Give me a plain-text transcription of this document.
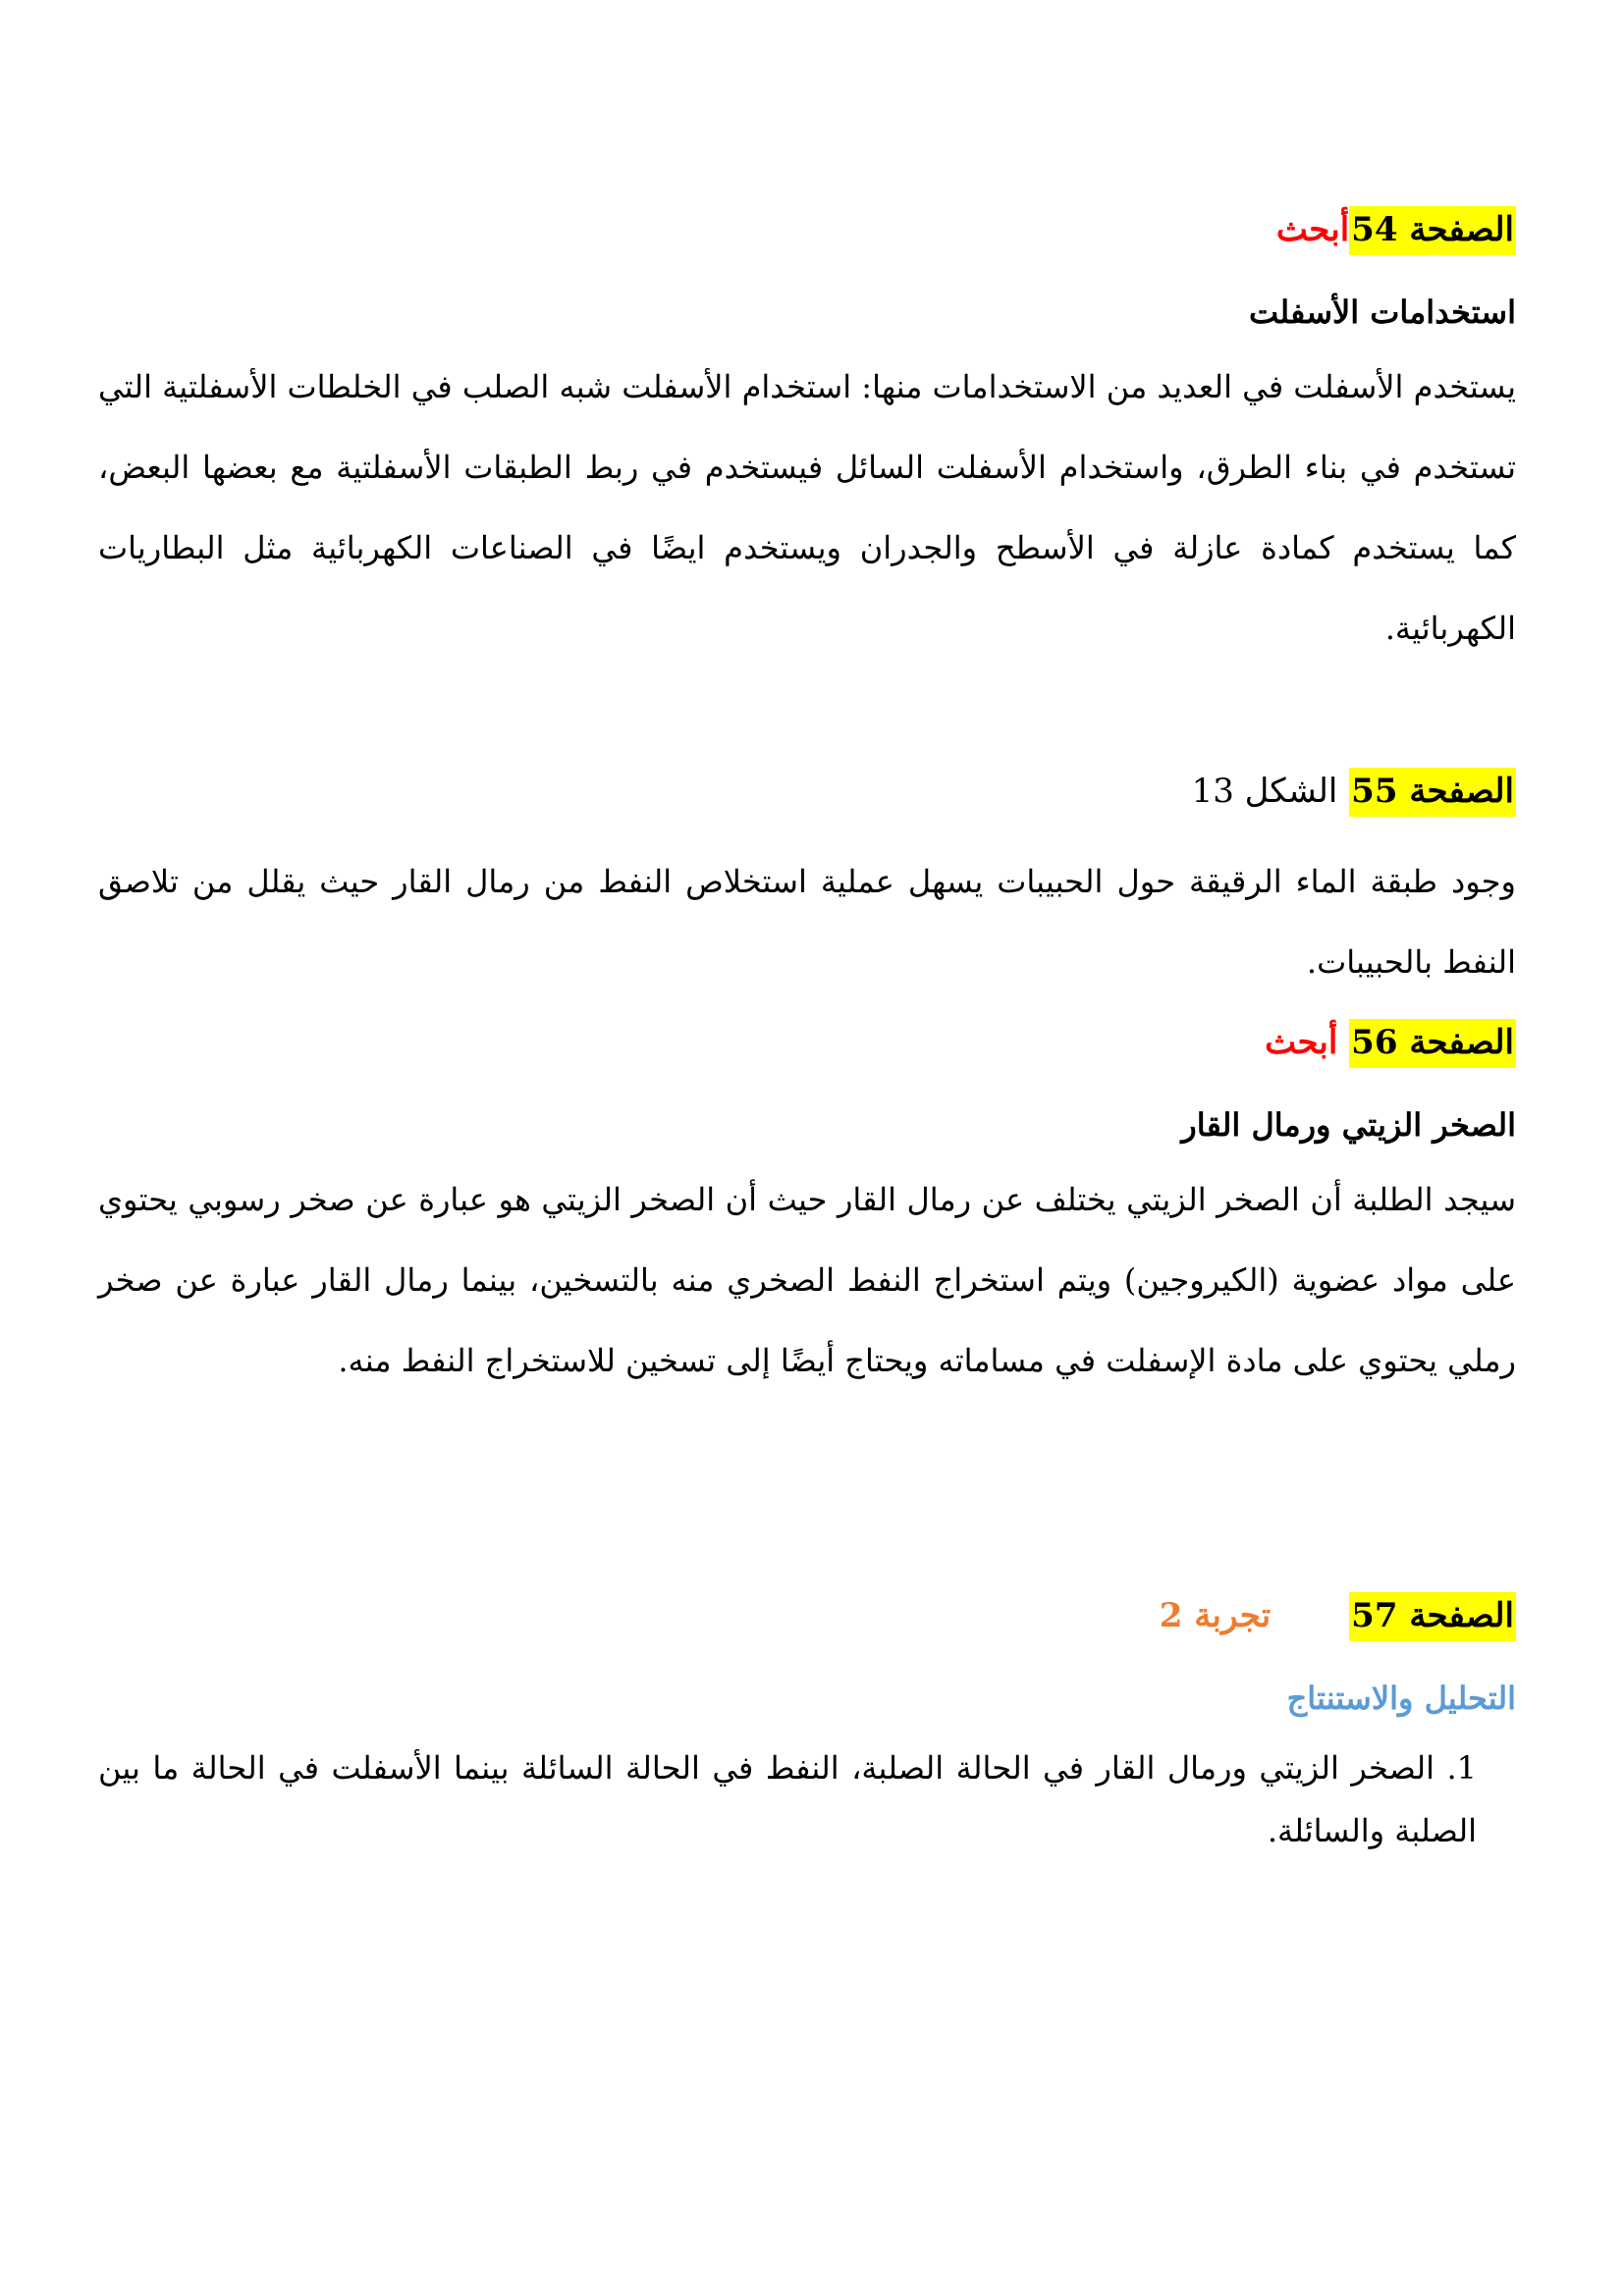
الصفحة 54أبحث
استخدامات الأسفلت
يستخدم الأسفلت في العديد من الاستخدامات منها: استخدام الأسفلت شبه الصلب في الخلطات الأسفلتية التي تستخدم في بناء الطرق، واستخدام الأسفلت السائل فيستخدم في ربط الطبقات الأسفلتية مع بعضها البعض، كما يستخدم كمادة عازلة في الأسطح والجدران ويستخدم ايضًا في الصناعات الكهربائية مثل البطاريات الكهربائية.
الصفحة 55 الشكل 13
وجود طبقة الماء الرقيقة حول الحبيبات يسهل عملية استخلاص النفط من رمال القار حيث يقلل من تلاصق النفط بالحبيبات.
الصفحة 56 أبحث
الصخر الزيتي ورمال القار
سيجد الطلبة أن الصخر الزيتي يختلف عن رمال القار حيث أن الصخر الزيتي هو عبارة عن صخر رسوبي يحتوي على مواد عضوية (الكيروجين) ويتم استخراج النفط الصخري منه بالتسخين، بينما رمال القار عبارة عن صخر رملي يحتوي على مادة الإسفلت في مساماته ويحتاج أيضًا إلى تسخين للاستخراج النفط منه.
الصفحة 57تجربة 2
التحليل والاستنتاج
1. الصخر الزيتي ورمال القار في الحالة الصلبة، النفط في الحالة السائلة بينما الأسفلت في الحالة ما بين الصلبة والسائلة.
